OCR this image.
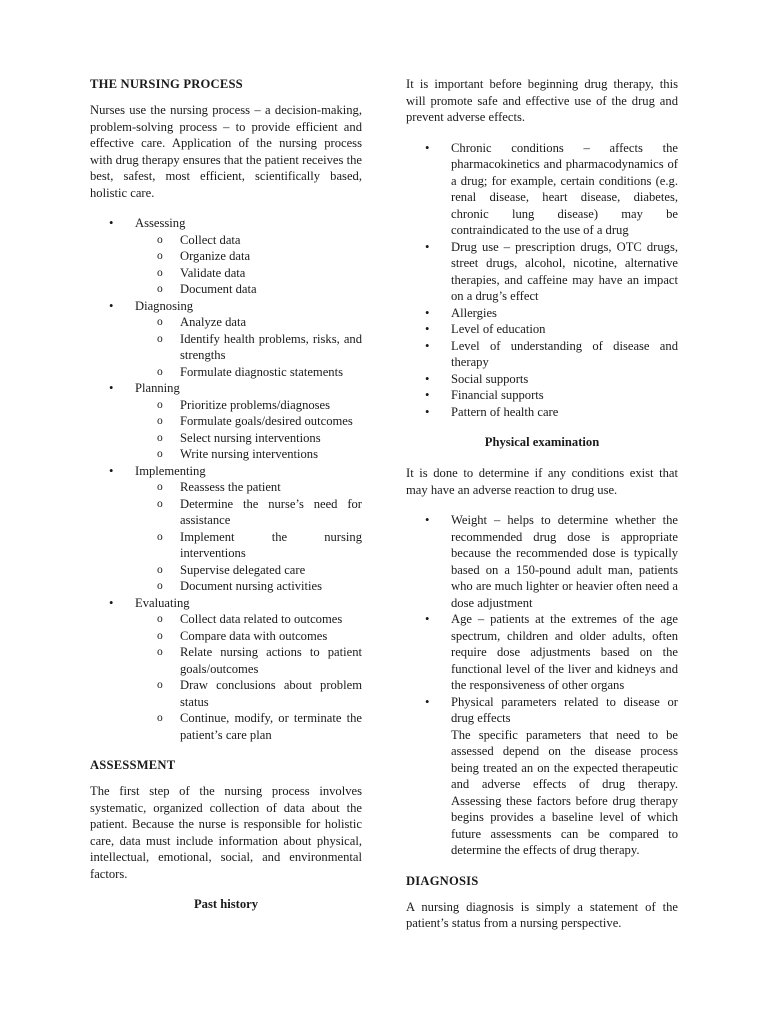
THE NURSING PROCESS

Nurses use the nursing process – a decision-making, problem-solving process – to provide efficient and effective care. Application of the nursing process with drug therapy ensures that the patient receives the best, safest, most efficient, scientifically based, holistic care.

• Assessing
o Collect data
o Organize data
o Validate data
o Document data
• Diagnosing
o Analyze data
o Identify health problems, risks, and strengths
o Formulate diagnostic statements
• Planning
o Prioritize problems/diagnoses
o Formulate goals/desired outcomes
o Select nursing interventions
o Write nursing interventions
• Implementing
o Reassess the patient
o Determine the nurse’s need for assistance
o Implement the nursing interventions
o Supervise delegated care
o Document nursing activities
• Evaluating
o Collect data related to outcomes
o Compare data with outcomes
o Relate nursing actions to patient goals/outcomes
o Draw conclusions about problem status
o Continue, modify, or terminate the patient’s care plan
ASSESSMENT

The first step of the nursing process involves systematic, organized collection of data about the patient. Because the nurse is responsible for holistic care, data must include information about physical, intellectual, emotional, social, and environmental factors.

Past history

It is important before beginning drug therapy, this will promote safe and effective use of the drug and prevent adverse effects.

• Chronic conditions – affects the pharmacokinetics and pharmacodynamics of a drug; for example, certain conditions (e.g. renal disease, heart disease, diabetes, chronic lung disease) may be contraindicated to the use of a drug
• Drug use – prescription drugs, OTC drugs, street drugs, alcohol, nicotine, alternative therapies, and caffeine may have an impact on a drug’s effect
• Allergies
• Level of education
• Level of understanding of disease and therapy
• Social supports
• Financial supports
• Pattern of health care
Physical examination

It is done to determine if any conditions exist that may have an adverse reaction to drug use.

• Weight – helps to determine whether the recommended drug dose is appropriate because the recommended dose is typically based on a 150-pound adult man, patients who are much lighter or heavier often need a dose adjustment
• Age – patients at the extremes of the age spectrum, children and older adults, often require dose adjustments based on the functional level of the liver and kidneys and the responsiveness of other organs
• Physical parameters related to disease or drug effects
The specific parameters that need to be assessed depend on the disease process being treated an on the expected therapeutic and adverse effects of drug therapy. Assessing these factors before drug therapy begins provides a baseline level of which future assessments can be compared to determine the effects of drug therapy.
DIAGNOSIS

A nursing diagnosis is simply a statement of the patient’s status from a nursing perspective.
